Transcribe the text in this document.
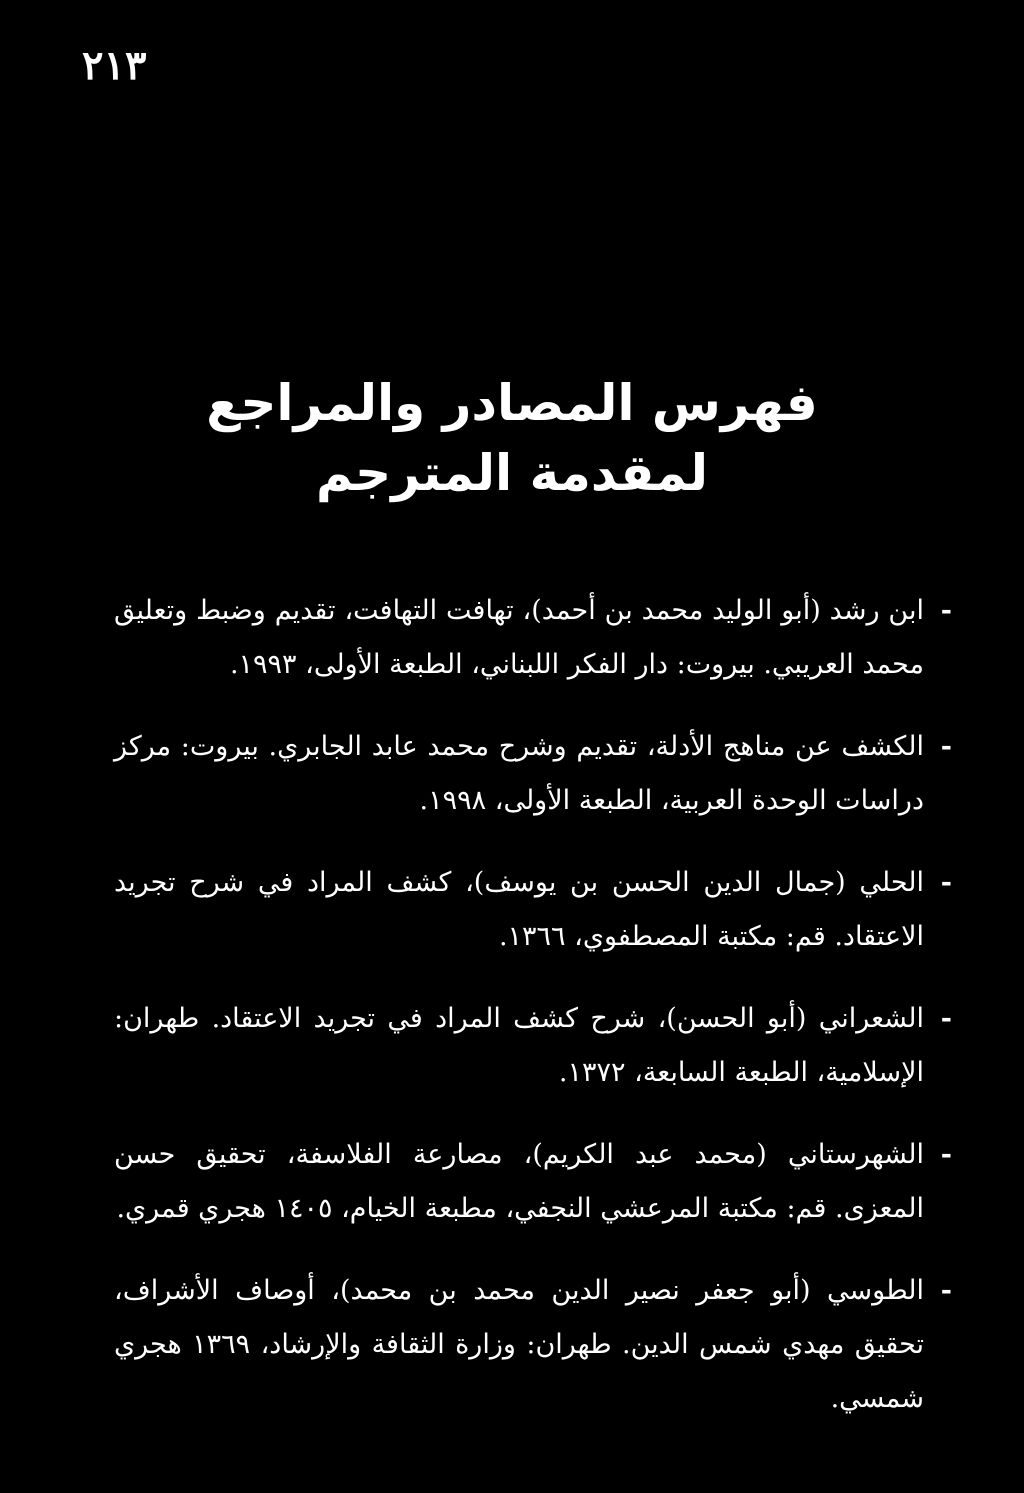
٢١٣
فهرس المصادر والمراجع
لمقدمة المترجم
-
ابن رشد (أبو الوليد محمد بن أحمد)، تهافت التهافت، تقديم وضبط وتعليق محمد العريبي. بيروت: دار الفكر اللبناني، الطبعة الأولى، ١٩٩٣.
-
الكشف عن مناهج الأدلة، تقديم وشرح محمد عابد الجابري. بيروت: مركز دراسات الوحدة العربية، الطبعة الأولى، ١٩٩٨.
-
الحلي (جمال الدين الحسن بن يوسف)، كشف المراد في شرح تجريد الاعتقاد. قم: مكتبة المصطفوي، ١٣٦٦.
-
الشعراني (أبو الحسن)، شرح كشف المراد في تجريد الاعتقاد. طهران: الإسلامية، الطبعة السابعة، ١٣٧٢.
-
الشهرستاني (محمد عبد الكريم)، مصارعة الفلاسفة، تحقيق حسن المعزى. قم: مكتبة المرعشي النجفي، مطبعة الخيام، ١٤٠٥ هجري قمري.
-
الطوسي (أبو جعفر نصير الدين محمد بن محمد)، أوصاف الأشراف، تحقيق مهدي شمس الدين. طهران: وزارة الثقافة والإرشاد، ١٣٦٩ هجري شمسي.
